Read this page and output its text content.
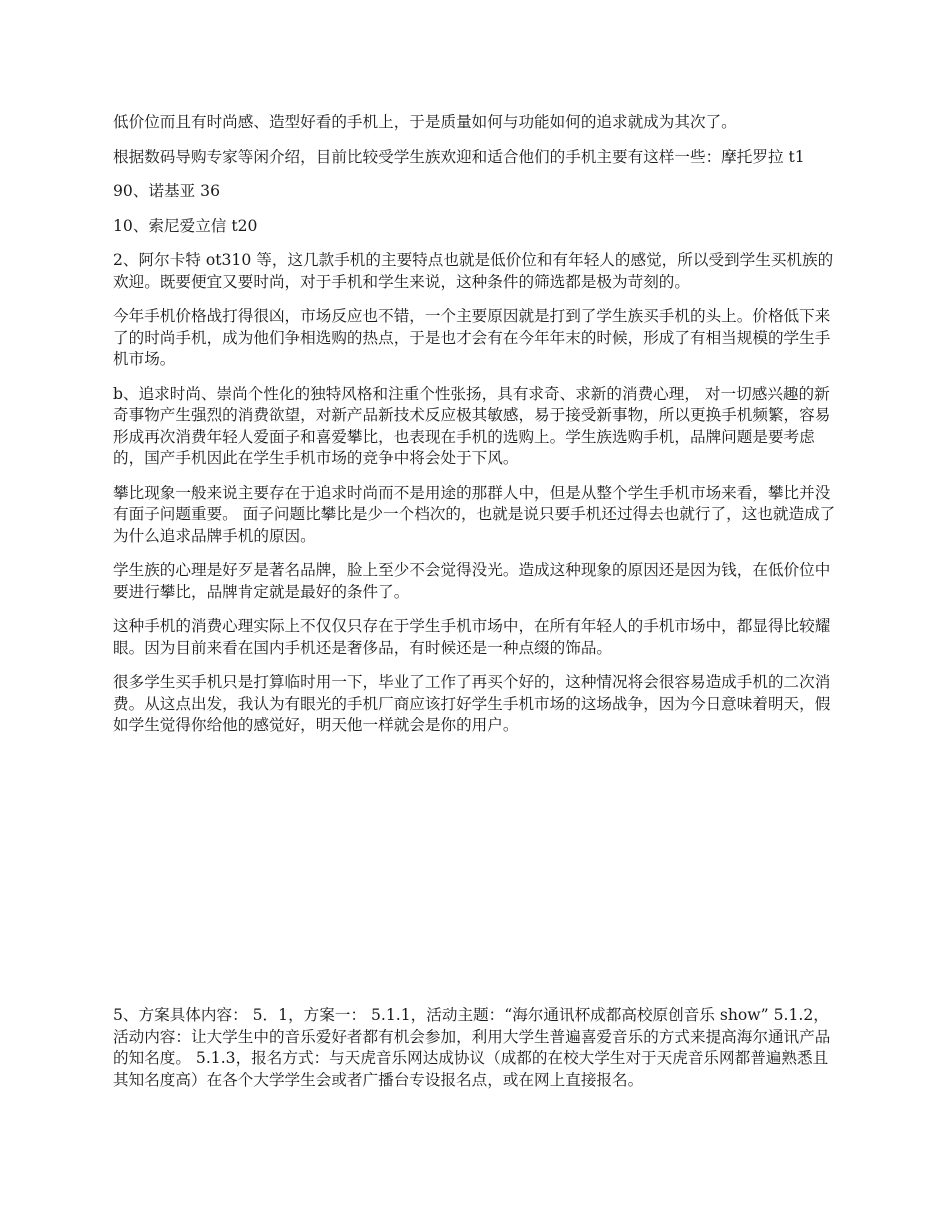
低价位而且有时尚感、造型好看的手机上，于是质量如何与功能如何的追求就成为其次了。

根据数码导购专家等闲介绍，目前比较受学生族欢迎和适合他们的手机主要有这样一些：摩托罗拉 t1

90、诺基亚 36

10、索尼爱立信 t20

2、阿尔卡特 ot310 等，这几款手机的主要特点也就是低价位和有年轻人的感觉，所以受到学生买机族的欢迎。既要便宜又要时尚，对于手机和学生来说，这种条件的筛选都是极为苛刻的。

今年手机价格战打得很凶，市场反应也不错，一个主要原因就是打到了学生族买手机的头上。价格低下来了的时尚手机，成为他们争相选购的热点，于是也才会有在今年年末的时候，形成了有相当规模的学生手机市场。

b、追求时尚、崇尚个性化的独特风格和注重个性张扬，具有求奇、求新的消费心理， 对一切感兴趣的新奇事物产生强烈的消费欲望，对新产品新技术反应极其敏感，易于接受新事物，所以更换手机频繁，容易形成再次消费年轻人爱面子和喜爱攀比，也表现在手机的选购上。学生族选购手机，品牌问题是要考虑的，国产手机因此在学生手机市场的竞争中将会处于下风。

攀比现象一般来说主要存在于追求时尚而不是用途的那群人中，但是从整个学生手机市场来看，攀比并没有面子问题重要。 面子问题比攀比是少一个档次的，也就是说只要手机还过得去也就行了，这也就造成了为什么追求品牌手机的原因。

学生族的心理是好歹是著名品牌，脸上至少不会觉得没光。造成这种现象的原因还是因为钱，在低价位中要进行攀比，品牌肯定就是最好的条件了。

这种手机的消费心理实际上不仅仅只存在于学生手机市场中，在所有年轻人的手机市场中，都显得比较耀眼。因为目前来看在国内手机还是奢侈品，有时候还是一种点缀的饰品。

很多学生买手机只是打算临时用一下，毕业了工作了再买个好的，这种情况将会很容易造成手机的二次消费。从这点出发，我认为有眼光的手机厂商应该打好学生手机市场的这场战争，因为今日意味着明天，假如学生觉得你给他的感觉好，明天他一样就会是你的用户。

5、方案具体内容： 5．1，方案一： 5.1.1，活动主题：“海尔通讯杯成都高校原创音乐 show” 5.1.2，活动内容：让大学生中的音乐爱好者都有机会参加，利用大学生普遍喜爱音乐的方式来提高海尔通讯产品的知名度。 5.1.3，报名方式：与天虎音乐网达成协议（成都的在校大学生对于天虎音乐网都普遍熟悉且其知名度高）在各个大学学生会或者广播台专设报名点，或在网上直接报名。
